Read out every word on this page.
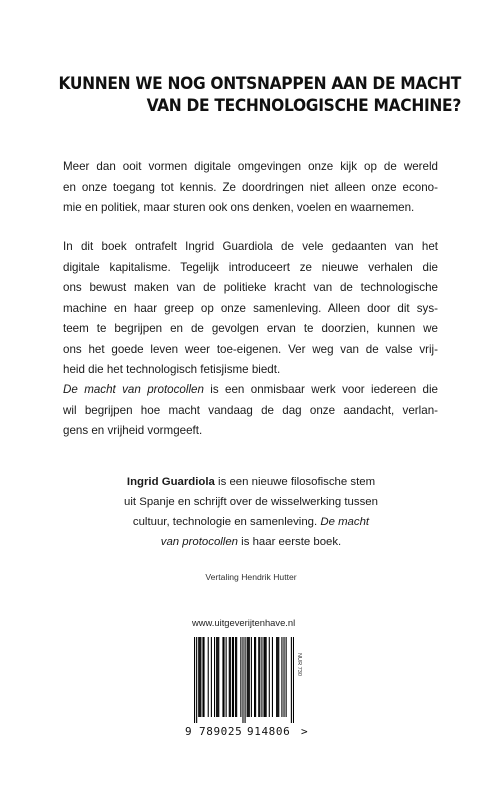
KUNNEN WE NOG ONTSNAPPEN AAN DE MACHT
VAN DE TECHNOLOGISCHE MACHINE?
Meer dan ooit vormen digitale omgevingen onze kijk op de wereld
en onze toegang tot kennis. Ze doordringen niet alleen onze econo-
mie en politiek, maar sturen ook ons denken, voelen en waarnemen.
In dit boek ontrafelt Ingrid Guardiola de vele gedaanten van het
digitale kapitalisme. Tegelijk introduceert ze nieuwe verhalen die
ons bewust maken van de politieke kracht van de technologische
machine en haar greep op onze samenleving. Alleen door dit sys-
teem te begrijpen en de gevolgen ervan te doorzien, kunnen we
ons het goede leven weer toe-eigenen. Ver weg van de valse vrij-
heid die het technologisch fetisjisme biedt.
De macht van protocollen is een onmisbaar werk voor iedereen die
wil begrijpen hoe macht vandaag de dag onze aandacht, verlan-
gens en vrijheid vormgeeft.
Ingrid Guardiola is een nieuwe filosofische stem
uit Spanje en schrijft over de wisselwerking tussen
cultuur, technologie en samenleving. De macht
van protocollen is haar eerste boek.
Vertaling Hendrik Hutter
www.uitgeverijtenhave.nl
NUR 730
9 789025 914806 >
